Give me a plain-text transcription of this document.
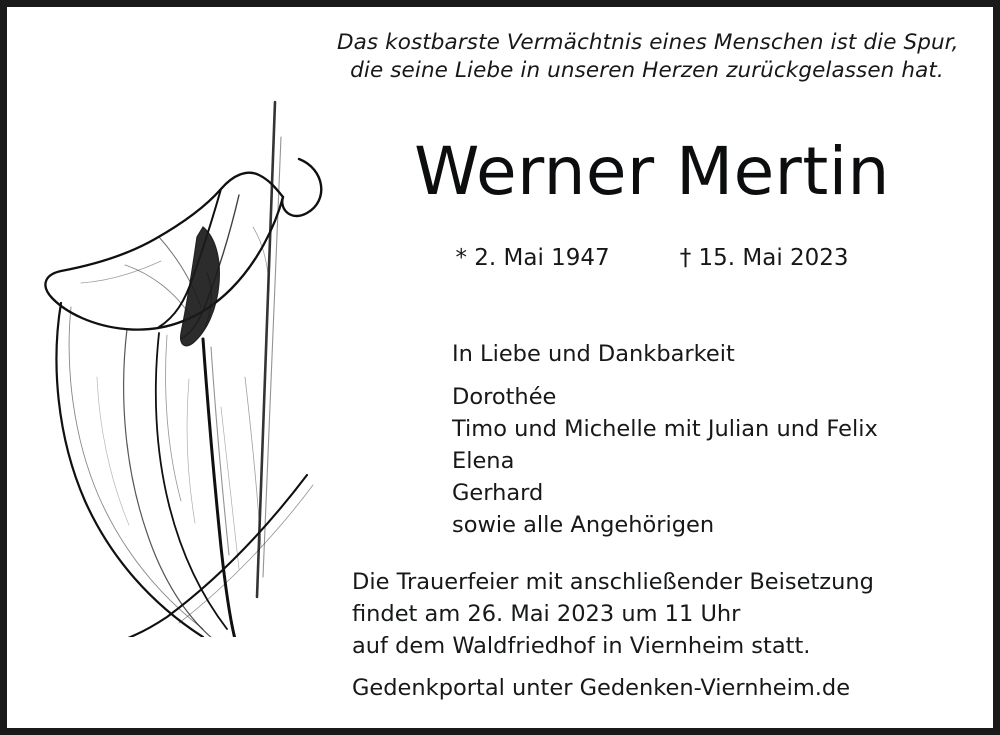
Das kostbarste Vermächtnis eines Menschen ist die Spur,
die seine Liebe in unseren Herzen zurückgelassen hat.
Werner Mertin
* 2. Mai 1947	† 15. Mai 2023
In Liebe und Dankbarkeit
Dorothée
Timo und Michelle mit Julian und Felix
Elena
Gerhard
sowie alle Angehörigen
Die Trauerfeier mit anschließender Beisetzung
findet am 26. Mai 2023 um 11 Uhr
auf dem Waldfriedhof in Viernheim statt.
Gedenkportal unter Gedenken-Viernheim.de
